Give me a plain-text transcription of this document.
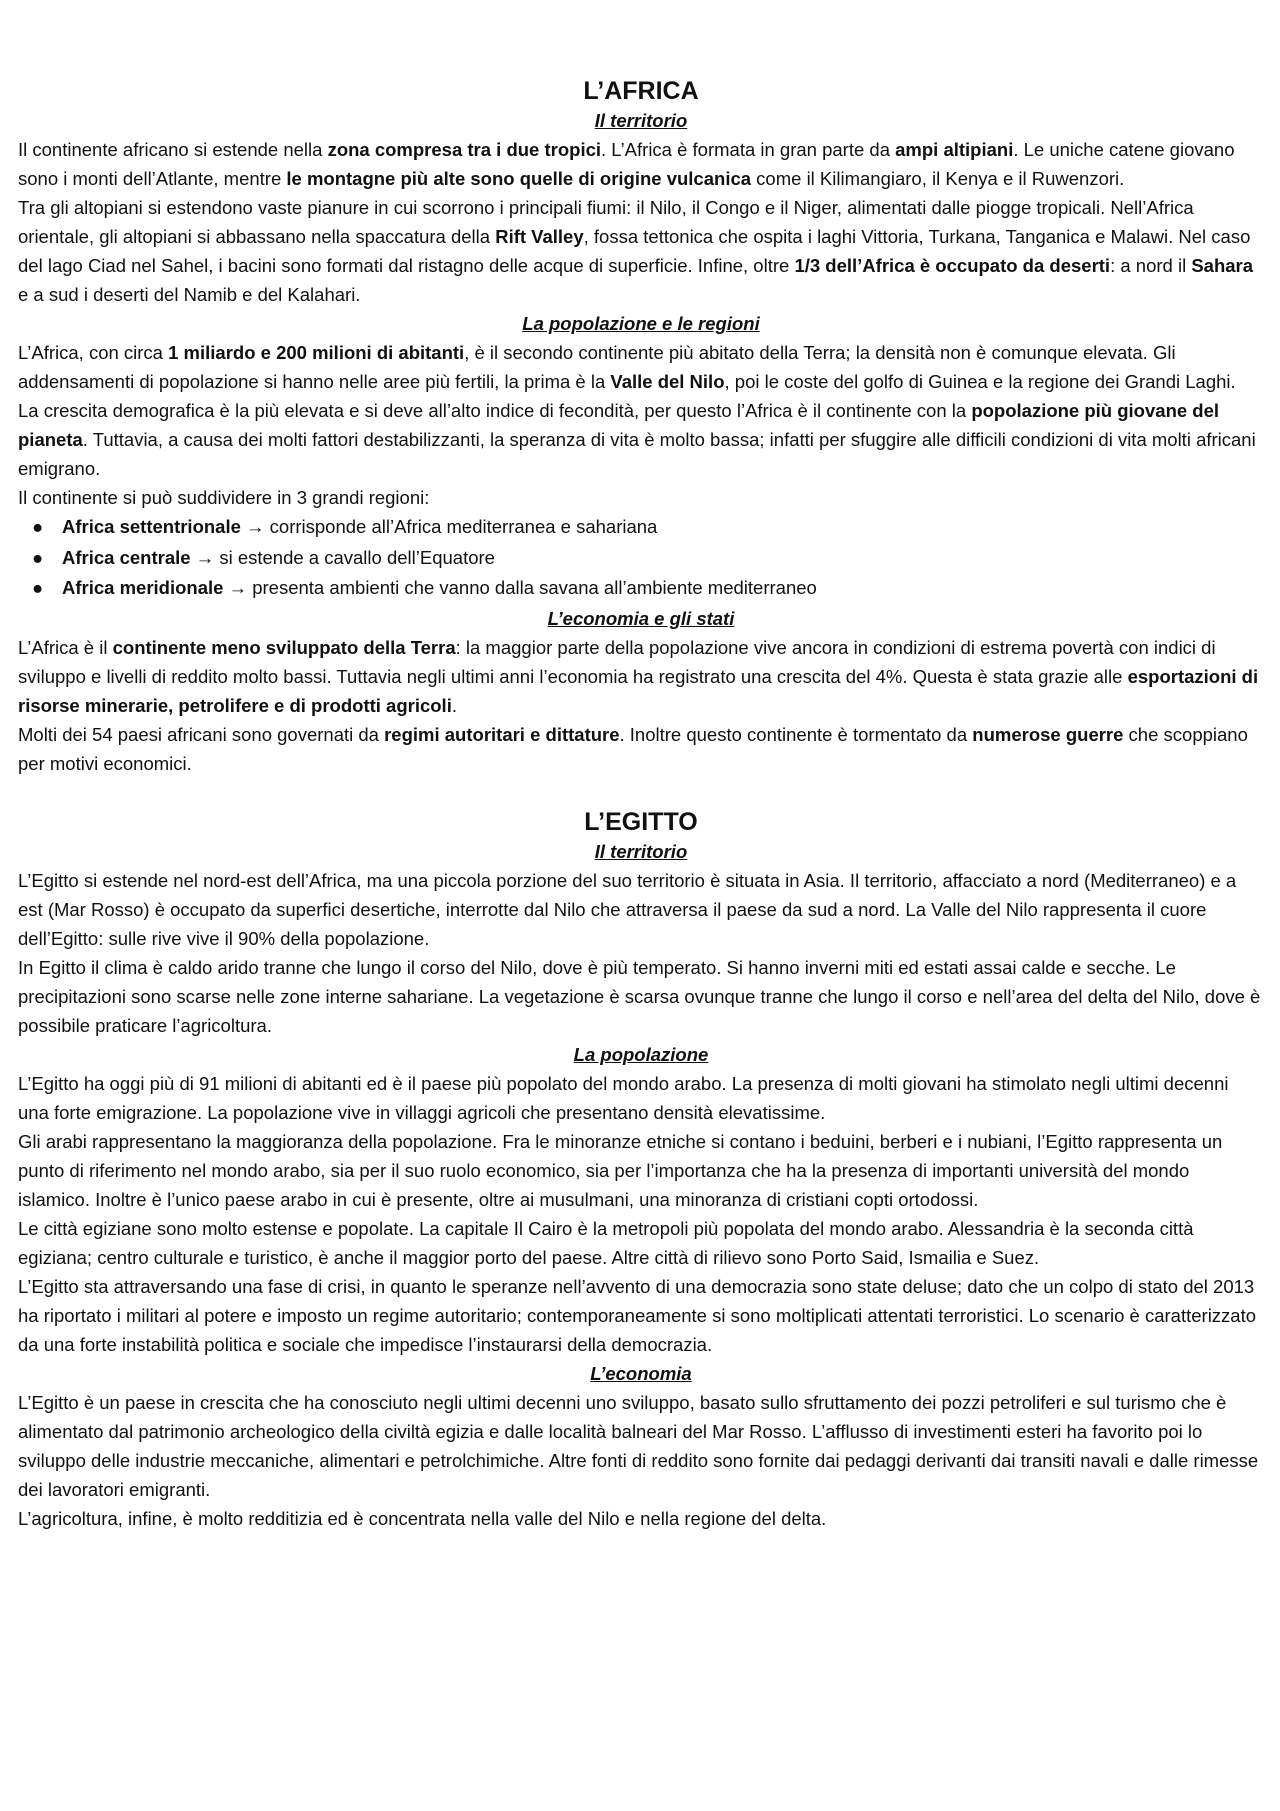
L’AFRICA
Il territorio

Il continente africano si estende nella zona compresa tra i due tropici. L’Africa è formata in gran parte da ampi altipiani. Le uniche catene giovano sono i monti dell’Atlante, mentre le montagne più alte sono quelle di origine vulcanica come il Kilimangiaro, il Kenya e il Ruwenzori.

Tra gli altopiani si estendono vaste pianure in cui scorrono i principali fiumi: il Nilo, il Congo e il Niger, alimentati dalle piogge tropicali. Nell’Africa orientale, gli altopiani si abbassano nella spaccatura della Rift Valley, fossa tettonica che ospita i laghi Vittoria, Turkana, Tanganica e Malawi. Nel caso del lago Ciad nel Sahel, i bacini sono formati dal ristagno delle acque di superficie. Infine, oltre 1/3 dell’Africa è occupato da deserti: a nord il Sahara e a sud i deserti del Namib e del Kalahari.

La popolazione e le regioni

L’Africa, con circa 1 miliardo e 200 milioni di abitanti, è il secondo continente più abitato della Terra; la densità non è comunque elevata. Gli addensamenti di popolazione si hanno nelle aree più fertili, la prima è la Valle del Nilo, poi le coste del golfo di Guinea e la regione dei Grandi Laghi.

La crescita demografica è la più elevata e si deve all’alto indice di fecondità, per questo l’Africa è il continente con la popolazione più giovane del pianeta. Tuttavia, a causa dei molti fattori destabilizzanti, la speranza di vita è molto bassa; infatti per sfuggire alle difficili condizioni di vita molti africani emigrano.

Il continente si può suddividere in 3 grandi regioni:

● Africa settentrionale → corrisponde all’Africa mediterranea e sahariana
● Africa centrale → si estende a cavallo dell’Equatore
● Africa meridionale → presenta ambienti che vanno dalla savana all’ambiente mediterraneo
L’economia e gli stati

L’Africa è il continente meno sviluppato della Terra: la maggior parte della popolazione vive ancora in condizioni di estrema povertà con indici di sviluppo e livelli di reddito molto bassi. Tuttavia negli ultimi anni l’economia ha registrato una crescita del 4%. Questa è stata grazie alle esportazioni di risorse minerarie, petrolifere e di prodotti agricoli.

Molti dei 54 paesi africani sono governati da regimi autoritari e dittature. Inoltre questo continente è tormentato da numerose guerre che scoppiano per motivi economici.

L’EGITTO
Il territorio

L’Egitto si estende nel nord-est dell’Africa, ma una piccola porzione del suo territorio è situata in Asia. Il territorio, affacciato a nord (Mediterraneo) e a est (Mar Rosso) è occupato da superfici desertiche, interrotte dal Nilo che attraversa il paese da sud a nord. La Valle del Nilo rappresenta il cuore dell’Egitto: sulle rive vive il 90% della popolazione.

In Egitto il clima è caldo arido tranne che lungo il corso del Nilo, dove è più temperato. Si hanno inverni miti ed estati assai calde e secche. Le precipitazioni sono scarse nelle zone interne sahariane. La vegetazione è scarsa ovunque tranne che lungo il corso e nell’area del delta del Nilo, dove è possibile praticare l’agricoltura.

La popolazione

L’Egitto ha oggi più di 91 milioni di abitanti ed è il paese più popolato del mondo arabo. La presenza di molti giovani ha stimolato negli ultimi decenni una forte emigrazione. La popolazione vive in villaggi agricoli che presentano densità elevatissime.

Gli arabi rappresentano la maggioranza della popolazione. Fra le minoranze etniche si contano i beduini, berberi e i nubiani, l’Egitto rappresenta un punto di riferimento nel mondo arabo, sia per il suo ruolo economico, sia per l’importanza che ha la presenza di importanti università del mondo islamico. Inoltre è l’unico paese arabo in cui è presente, oltre ai musulmani, una minoranza di cristiani copti ortodossi.

Le città egiziane sono molto estense e popolate. La capitale Il Cairo è la metropoli più popolata del mondo arabo. Alessandria è la seconda città egiziana; centro culturale e turistico, è anche il maggior porto del paese. Altre città di rilievo sono Porto Said, Ismailia e Suez.

L’Egitto sta attraversando una fase di crisi, in quanto le speranze nell’avvento di una democrazia sono state deluse; dato che un colpo di stato del 2013 ha riportato i militari al potere e imposto un regime autoritario; contemporaneamente si sono moltiplicati attentati terroristici. Lo scenario è caratterizzato da una forte instabilità politica e sociale che impedisce l’instaurarsi della democrazia.

L’economia

L’Egitto è un paese in crescita che ha conosciuto negli ultimi decenni uno sviluppo, basato sullo sfruttamento dei pozzi petroliferi e sul turismo che è alimentato dal patrimonio archeologico della civiltà egizia e dalle località balneari del Mar Rosso. L’afflusso di investimenti esteri ha favorito poi lo sviluppo delle industrie meccaniche, alimentari e petrolchimiche. Altre fonti di reddito sono fornite dai pedaggi derivanti dai transiti navali e dalle rimesse dei lavoratori emigranti.

L’agricoltura, infine, è molto redditizia ed è concentrata nella valle del Nilo e nella regione del delta.
